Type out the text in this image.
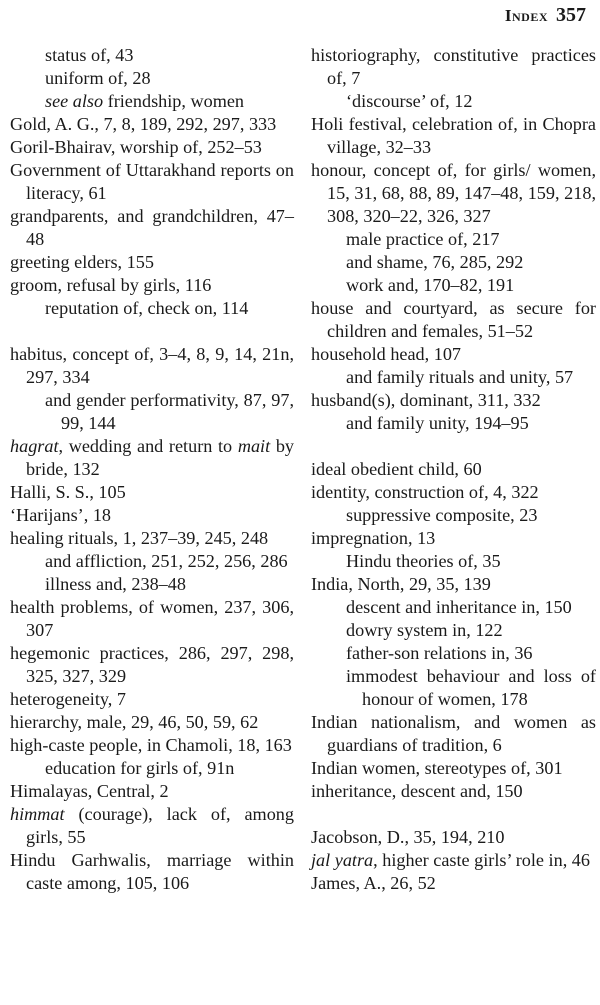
Index 357

status of, 43

uniform of, 28

see also friendship, women

Gold, A. G., 7, 8, 189, 292, 297, 333

Goril-Bhairav, worship of, 252–53

Government of Uttarakhand reports on literacy, 61

grandparents, and grandchildren, 47–48

greeting elders, 155

groom, refusal by girls, 116

reputation of, check on, 114

habitus, concept of, 3–4, 8, 9, 14, 21n, 297, 334

and gender performativity, 87, 97, 99, 144

hagrat, wedding and return to mait by bride, 132

Halli, S. S., 105

‘Harijans’, 18

healing rituals, 1, 237–39, 245, 248

and affliction, 251, 252, 256, 286

illness and, 238–48

health problems, of women, 237, 306, 307

hegemonic practices, 286, 297, 298, 325, 327, 329

heterogeneity, 7

hierarchy, male, 29, 46, 50, 59, 62

high-caste people, in Chamoli, 18, 163

education for girls of, 91n

Himalayas, Central, 2

himmat (courage), lack of, among girls, 55

Hindu Garhwalis, marriage within caste among, 105, 106

historiography, constitutive practices of, 7

‘discourse’ of, 12

Holi festival, celebration of, in Chopra village, 32–33

honour, concept of, for girls/ women, 15, 31, 68, 88, 89, 147–48, 159, 218, 308, 320–22, 326, 327

male practice of, 217

and shame, 76, 285, 292

work and, 170–82, 191

house and courtyard, as secure for children and females, 51–52

household head, 107

and family rituals and unity, 57

husband(s), dominant, 311, 332

and family unity, 194–95

ideal obedient child, 60

identity, construction of, 4, 322

suppressive composite, 23

impregnation, 13

Hindu theories of, 35

India, North, 29, 35, 139

descent and inheritance in, 150

dowry system in, 122

father-son relations in, 36

immodest behaviour and loss of honour of women, 178

Indian nationalism, and women as guardians of tradition, 6

Indian women, stereotypes of, 301

inheritance, descent and, 150

Jacobson, D., 35, 194, 210

jal yatra, higher caste girls’ role in, 46

James, A., 26, 52
